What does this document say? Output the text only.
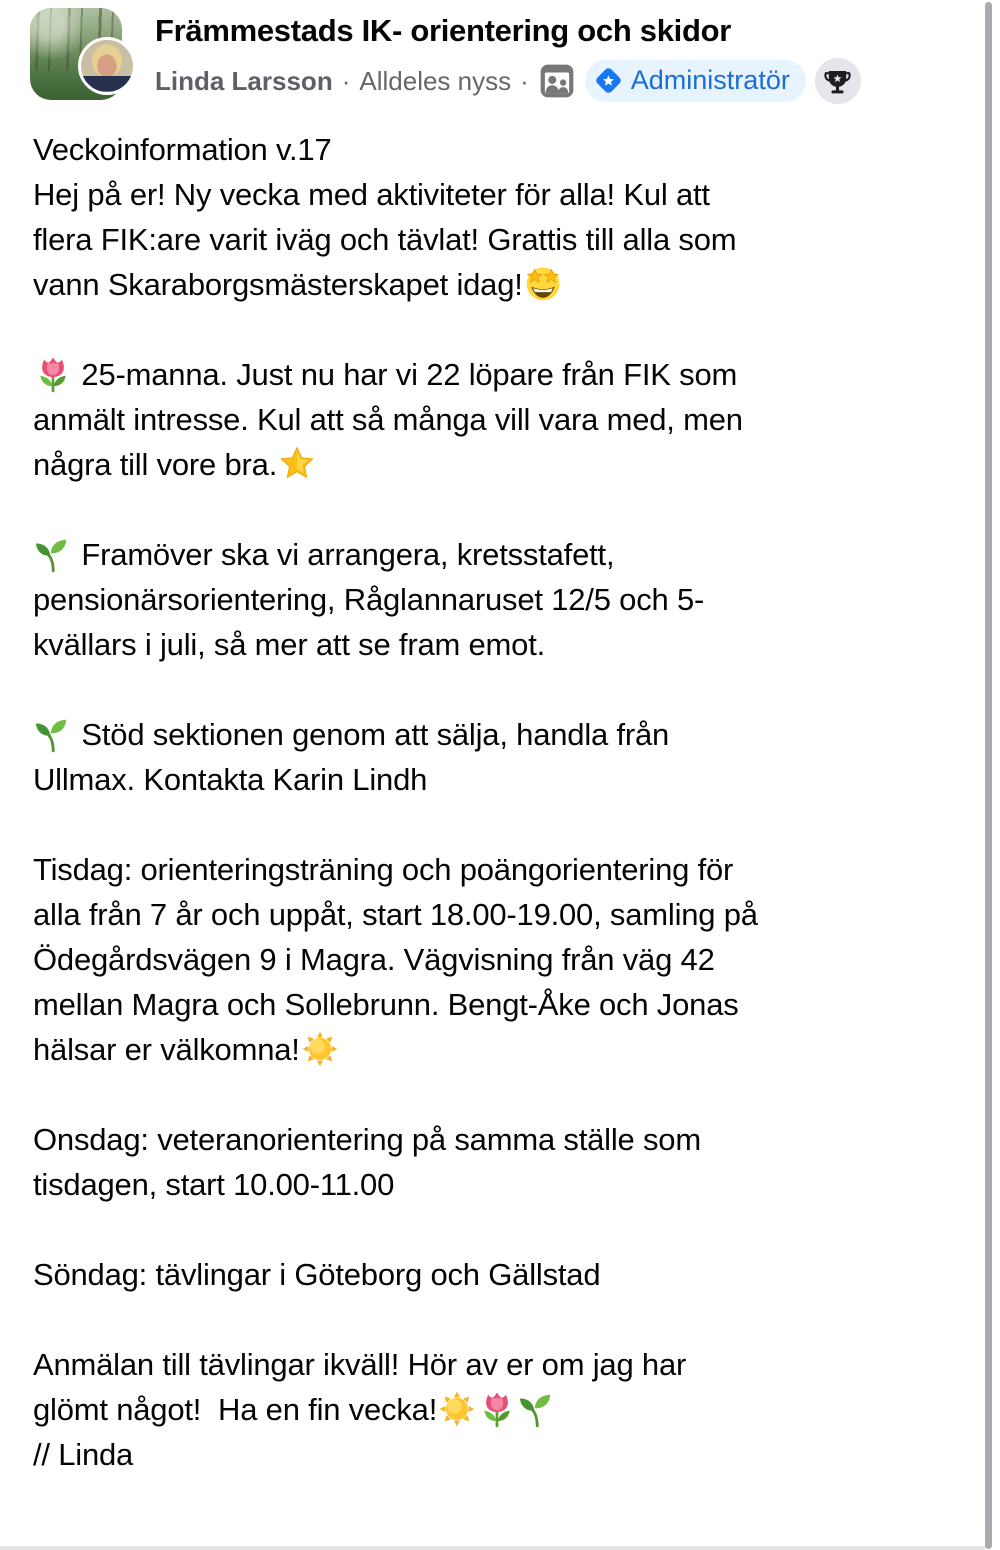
Främmestads IK- orientering och skidor
Linda Larsson · Alldeles nyss ·	Administratör
Veckoinformation v.17
Hej på er! Ny vecka med aktiviteter för alla! Kul att
flera FIK:are varit iväg och tävlat! Grattis till alla som
vann Skaraborgsmästerskapet idag!
25-manna. Just nu har vi 22 löpare från FIK som
anmält intresse. Kul att så många vill vara med, men
några till vore bra.
Framöver ska vi arrangera, kretsstafett,
pensionärsorientering, Råglannaruset 12/5 och 5-
kvällars i juli, så mer att se fram emot.
Stöd sektionen genom att sälja, handla från
Ullmax. Kontakta Karin Lindh
Tisdag: orienteringsträning och poängorientering för
alla från 7 år och uppåt, start 18.00-19.00, samling på
Ödegårdsvägen 9 i Magra. Vägvisning från väg 42
mellan Magra och Sollebrunn. Bengt-Åke och Jonas
hälsar er välkomna!
Onsdag: veteranorientering på samma ställe som
tisdagen, start 10.00-11.00
Söndag: tävlingar i Göteborg och Gällstad
Anmälan till tävlingar ikväll! Hör av er om jag har
glömt något!  Ha en fin vecka!
// Linda
